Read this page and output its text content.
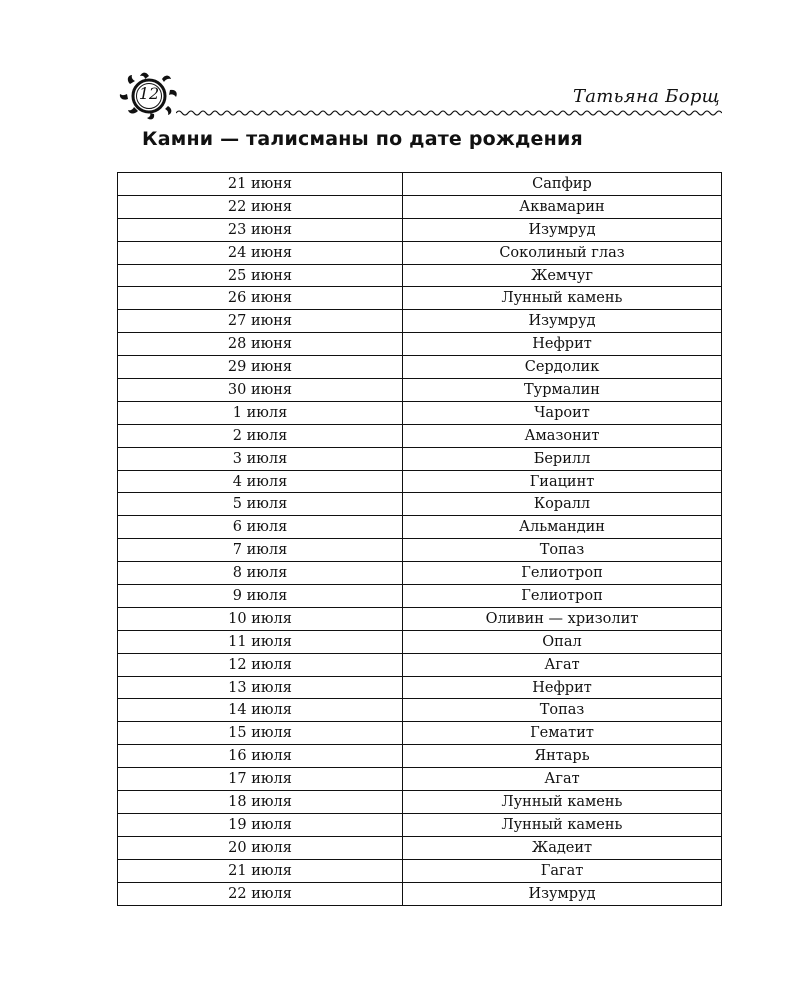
12	Татьяна Борщ
Камни — талисманы по дате рождения
21 июня	Сапфир
22 июня	Аквамарин
23 июня	Изумруд
24 июня	Соколиный глаз
25 июня	Жемчуг
26 июня	Лунный камень
27 июня	Изумруд
28 июня	Нефрит
29 июня	Сердолик
30 июня	Турмалин
1 июля	Чароит
2 июля	Амазонит
3 июля	Берилл
4 июля	Гиацинт
5 июля	Коралл
6 июля	Альмандин
7 июля	Топаз
8 июля	Гелиотроп
9 июля	Гелиотроп
10 июля	Оливин — хризолит
11 июля	Опал
12 июля	Агат
13 июля	Нефрит
14 июля	Топаз
15 июля	Гематит
16 июля	Янтарь
17 июля	Агат
18 июля	Лунный камень
19 июля	Лунный камень
20 июля	Жадеит
21 июля	Гагат
22 июля	Изумруд
